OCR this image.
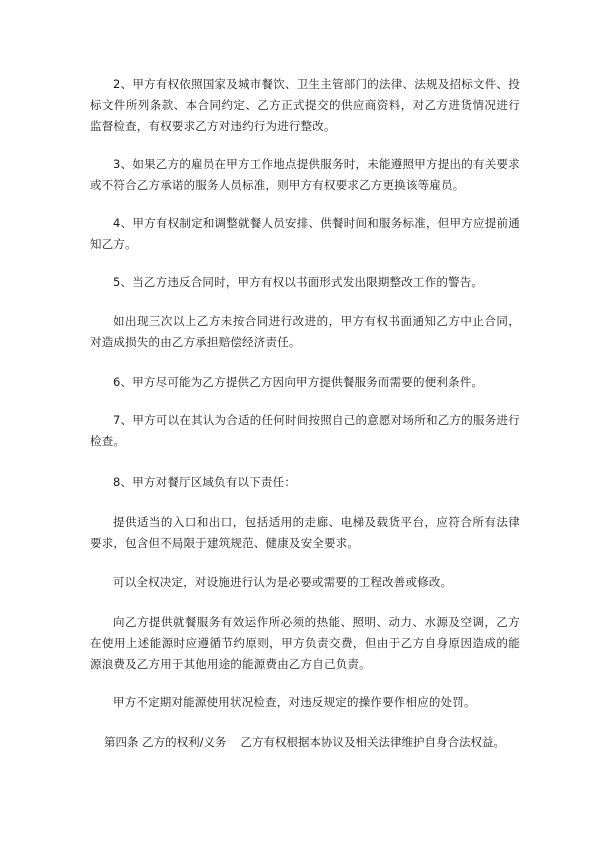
2、甲方有权依照国家及城市餐饮、卫生主管部门的法律、法规及招标文件、投标文件所列条款、本合同约定、乙方正式提交的供应商资料，对乙方进货情况进行监督检查，有权要求乙方对违约行为进行整改。

3、如果乙方的雇员在甲方工作地点提供服务时，未能遵照甲方提出的有关要求或不符合乙方承诺的服务人员标准，则甲方有权要求乙方更换该等雇员。

4、甲方有权制定和调整就餐人员安排、供餐时间和服务标准，但甲方应提前通知乙方。

5、当乙方违反合同时，甲方有权以书面形式发出限期整改工作的警告。

如出现三次以上乙方未按合同进行改进的，甲方有权书面通知乙方中止合同，对造成损失的由乙方承担赔偿经济责任。

6、甲方尽可能为乙方提供乙方因向甲方提供餐服务而需要的便利条件。

7、甲方可以在其认为合适的任何时间按照自己的意愿对场所和乙方的服务进行检查。

8、甲方对餐厅区域负有以下责任：

提供适当的入口和出口，包括适用的走廊、电梯及载货平台，应符合所有法律要求，包含但不局限于建筑规范、健康及安全要求。

可以全权决定，对设施进行认为是必要或需要的工程改善或修改。

向乙方提供就餐服务有效运作所必须的热能、照明、动力、水源及空调，乙方在使用上述能源时应遵循节约原则，甲方负责交费，但由于乙方自身原因造成的能源浪费及乙方用于其他用途的能源费由乙方自己负责。

甲方不定期对能源使用状况检查，对违反规定的操作要作相应的处罚。

第四条 乙方的权利/义务 乙方有权根据本协议及相关法律维护自身合法权益。
